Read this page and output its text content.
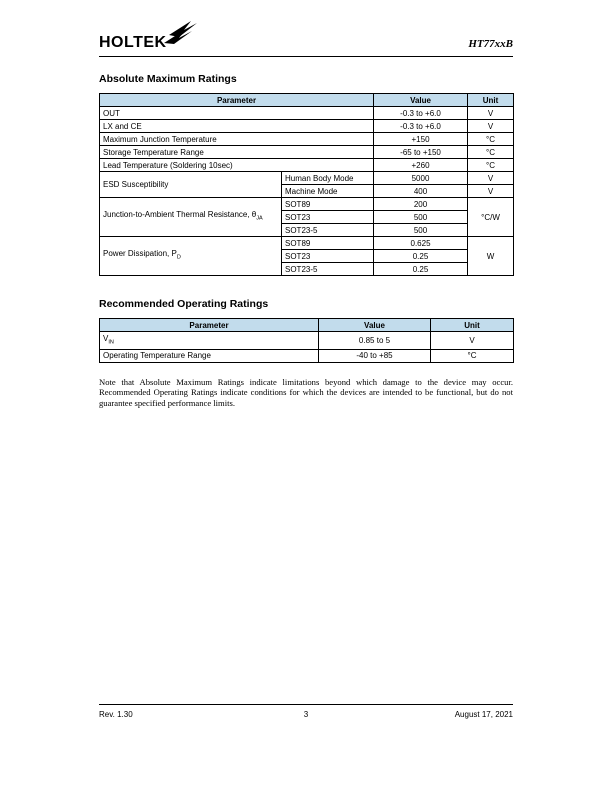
HOLTEK	HT77xxB
Absolute Maximum Ratings
Parameter		Value	Unit
OUT		-0.3 to +6.0	V
LX and CE		-0.3 to +6.0	V
Maximum Junction Temperature		+150	°C
Storage Temperature Range		-65 to +150	°C
Lead Temperature (Soldering 10sec)		+260	°C
ESD Susceptibility	Human Body Mode	5000	V
	Machine Mode	400	V
Junction-to-Ambient Thermal Resistance, $\theta_{JA}$	SOT89	200	°C/W
	SOT23	500	
	SOT23-5	500	
Power Dissipation, $P_D$	SOT89	0.625	W
	SOT23	0.25	
	SOT23-5	0.25	
Recommended Operating Ratings
Parameter	Value	Unit
$V_{IN}$	0.85 to 5	V
Operating Temperature Range	-40 to +85	°C

Note that Absolute Maximum Ratings indicate limitations beyond which damage to the device may occur. Recommended Operating Ratings indicate conditions for which the devices are intended to be functional, but do not guarantee specified performance limits.

Rev. 1.30	3	August 17, 2021
